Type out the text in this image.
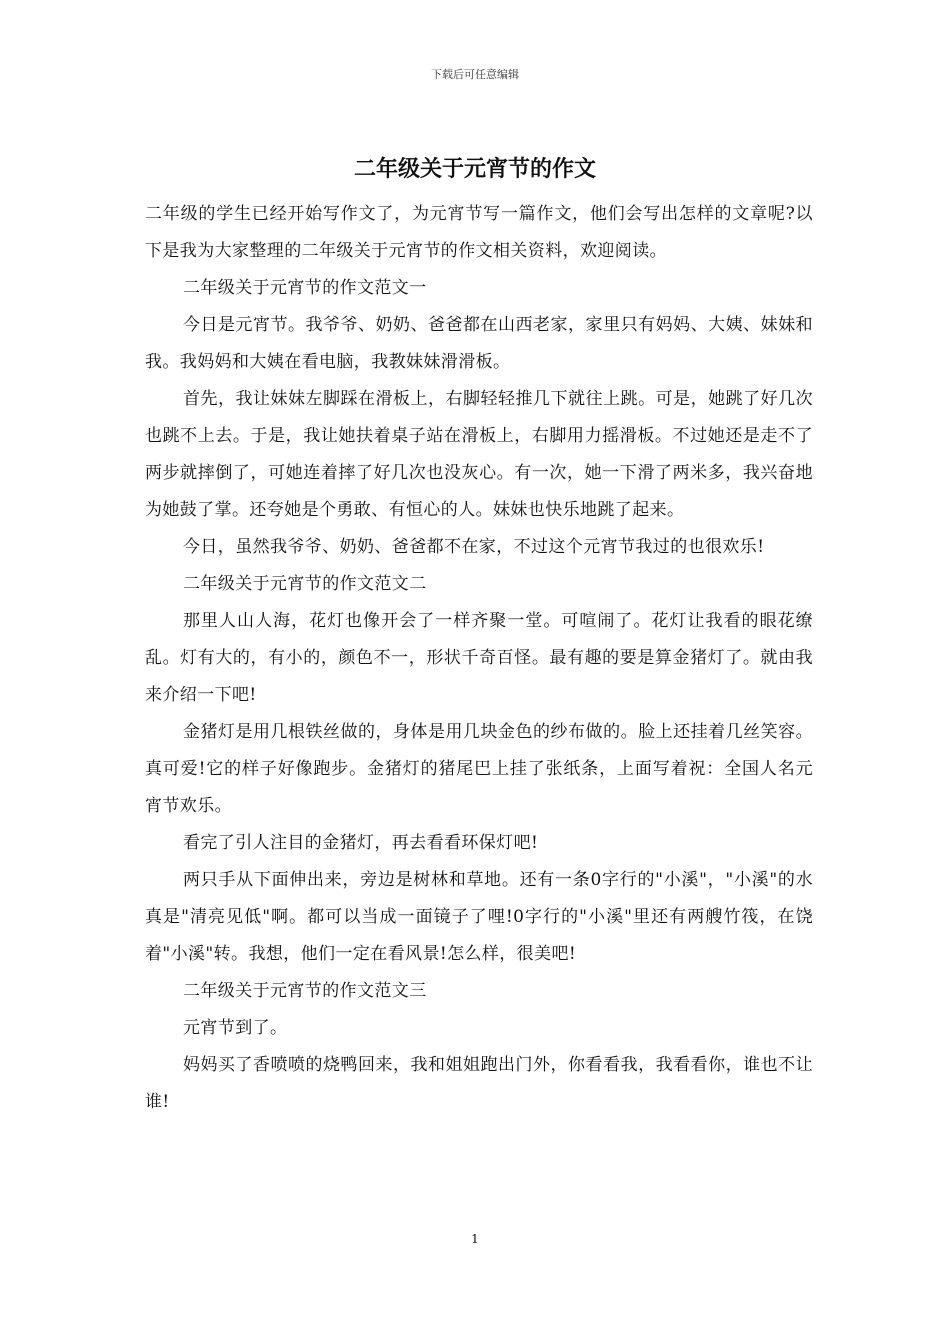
下载后可任意编辑
二年级关于元宵节的作文

二年级的学生已经开始写作文了，为元宵节写一篇作文，他们会写出怎样的文章呢?以下是我为大家整理的二年级关于元宵节的作文相关资料，欢迎阅读。

二年级关于元宵节的作文范文一

今日是元宵节。我爷爷、奶奶、爸爸都在山西老家，家里只有妈妈、大姨、妹妹和我。我妈妈和大姨在看电脑，我教妹妹滑滑板。

首先，我让妹妹左脚踩在滑板上，右脚轻轻推几下就往上跳。可是，她跳了好几次也跳不上去。于是，我让她扶着桌子站在滑板上，右脚用力摇滑板。不过她还是走不了两步就摔倒了，可她连着摔了好几次也没灰心。有一次，她一下滑了两米多，我兴奋地为她鼓了掌。还夸她是个勇敢、有恒心的人。妹妹也快乐地跳了起来。

今日，虽然我爷爷、奶奶、爸爸都不在家，不过这个元宵节我过的也很欢乐!

二年级关于元宵节的作文范文二

那里人山人海，花灯也像开会了一样齐聚一堂。可喧闹了。花灯让我看的眼花缭乱。灯有大的，有小的，颜色不一，形状千奇百怪。最有趣的要是算金猪灯了。就由我来介绍一下吧!

金猪灯是用几根铁丝做的，身体是用几块金色的纱布做的。脸上还挂着几丝笑容。真可爱!它的样子好像跑步。金猪灯的猪尾巴上挂了张纸条，上面写着祝：全国人名元宵节欢乐。

看完了引人注目的金猪灯，再去看看环保灯吧!

两只手从下面伸出来，旁边是树林和草地。还有一条0字行的"小溪"，"小溪"的水真是"清亮见低"啊。都可以当成一面镜子了哩!0字行的"小溪"里还有两艘竹筏，在饶着"小溪"转。我想，他们一定在看风景!怎么样，很美吧!

二年级关于元宵节的作文范文三

元宵节到了。

妈妈买了香喷喷的烧鸭回来，我和姐姐跑出门外，你看看我，我看看你，谁也不让谁!

1
